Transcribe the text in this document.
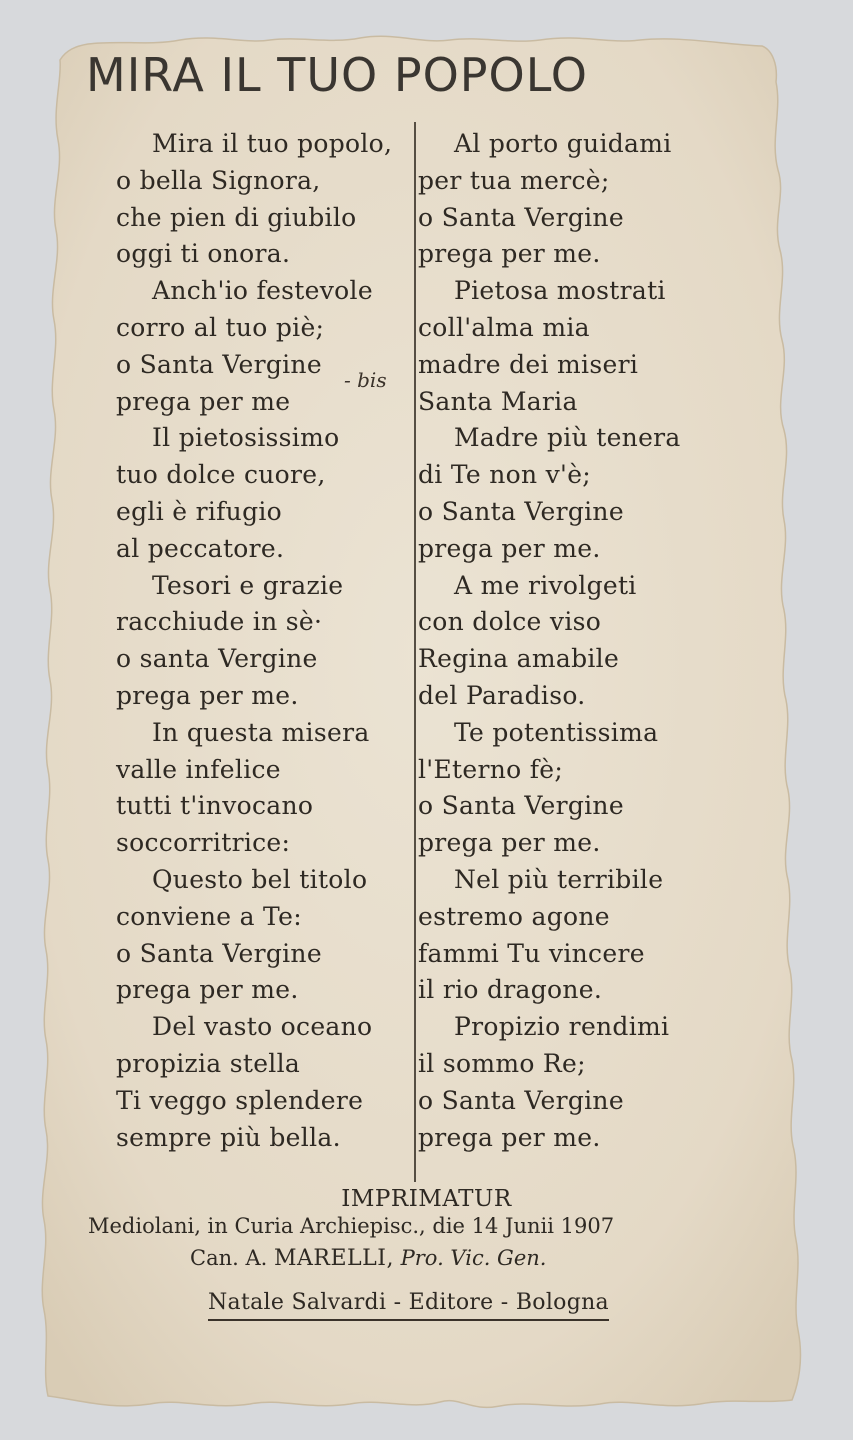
MIRA IL TUO POPOLO
Mira il tuo popolo,
o bella Signora,
che pien di giubilo
oggi ti onora.
Anch'io festevole
corro al tuo piè;
o Santa Vergine
prega per me
Il pietosissimo
tuo dolce cuore,
egli è rifugio
al peccatore.
Tesori e grazie
racchiude in sè·
o santa Vergine
prega per me.
In questa misera
valle infelice
tutti t'invocano
soccorritrice:
Questo bel titolo
conviene a Te:
o Santa Vergine
prega per me.
Del vasto oceano
propizia stella
Ti veggo splendere
sempre più bella.
- bis
Al porto guidami
per tua mercè;
o Santa Vergine
prega per me.
Pietosa mostrati
coll'alma mia
madre dei miseri
Santa Maria
Madre più tenera
di Te non v'è;
o Santa Vergine
prega per me.
A me rivolgeti
con dolce viso
Regina amabile
del Paradiso.
Te potentissima
l'Eterno fè;
o Santa Vergine
prega per me.
Nel più terribile
estremo agone
fammi Tu vincere
il rio dragone.
Propizio rendimi
il sommo Re;
o Santa Vergine
prega per me.
IMPRIMATUR
Mediolani, in Curia Archiepisc., die 14 Junii 1907
Can. A. MARELLI, Pro. Vic. Gen.
Natale Salvardi - Editore - Bologna
